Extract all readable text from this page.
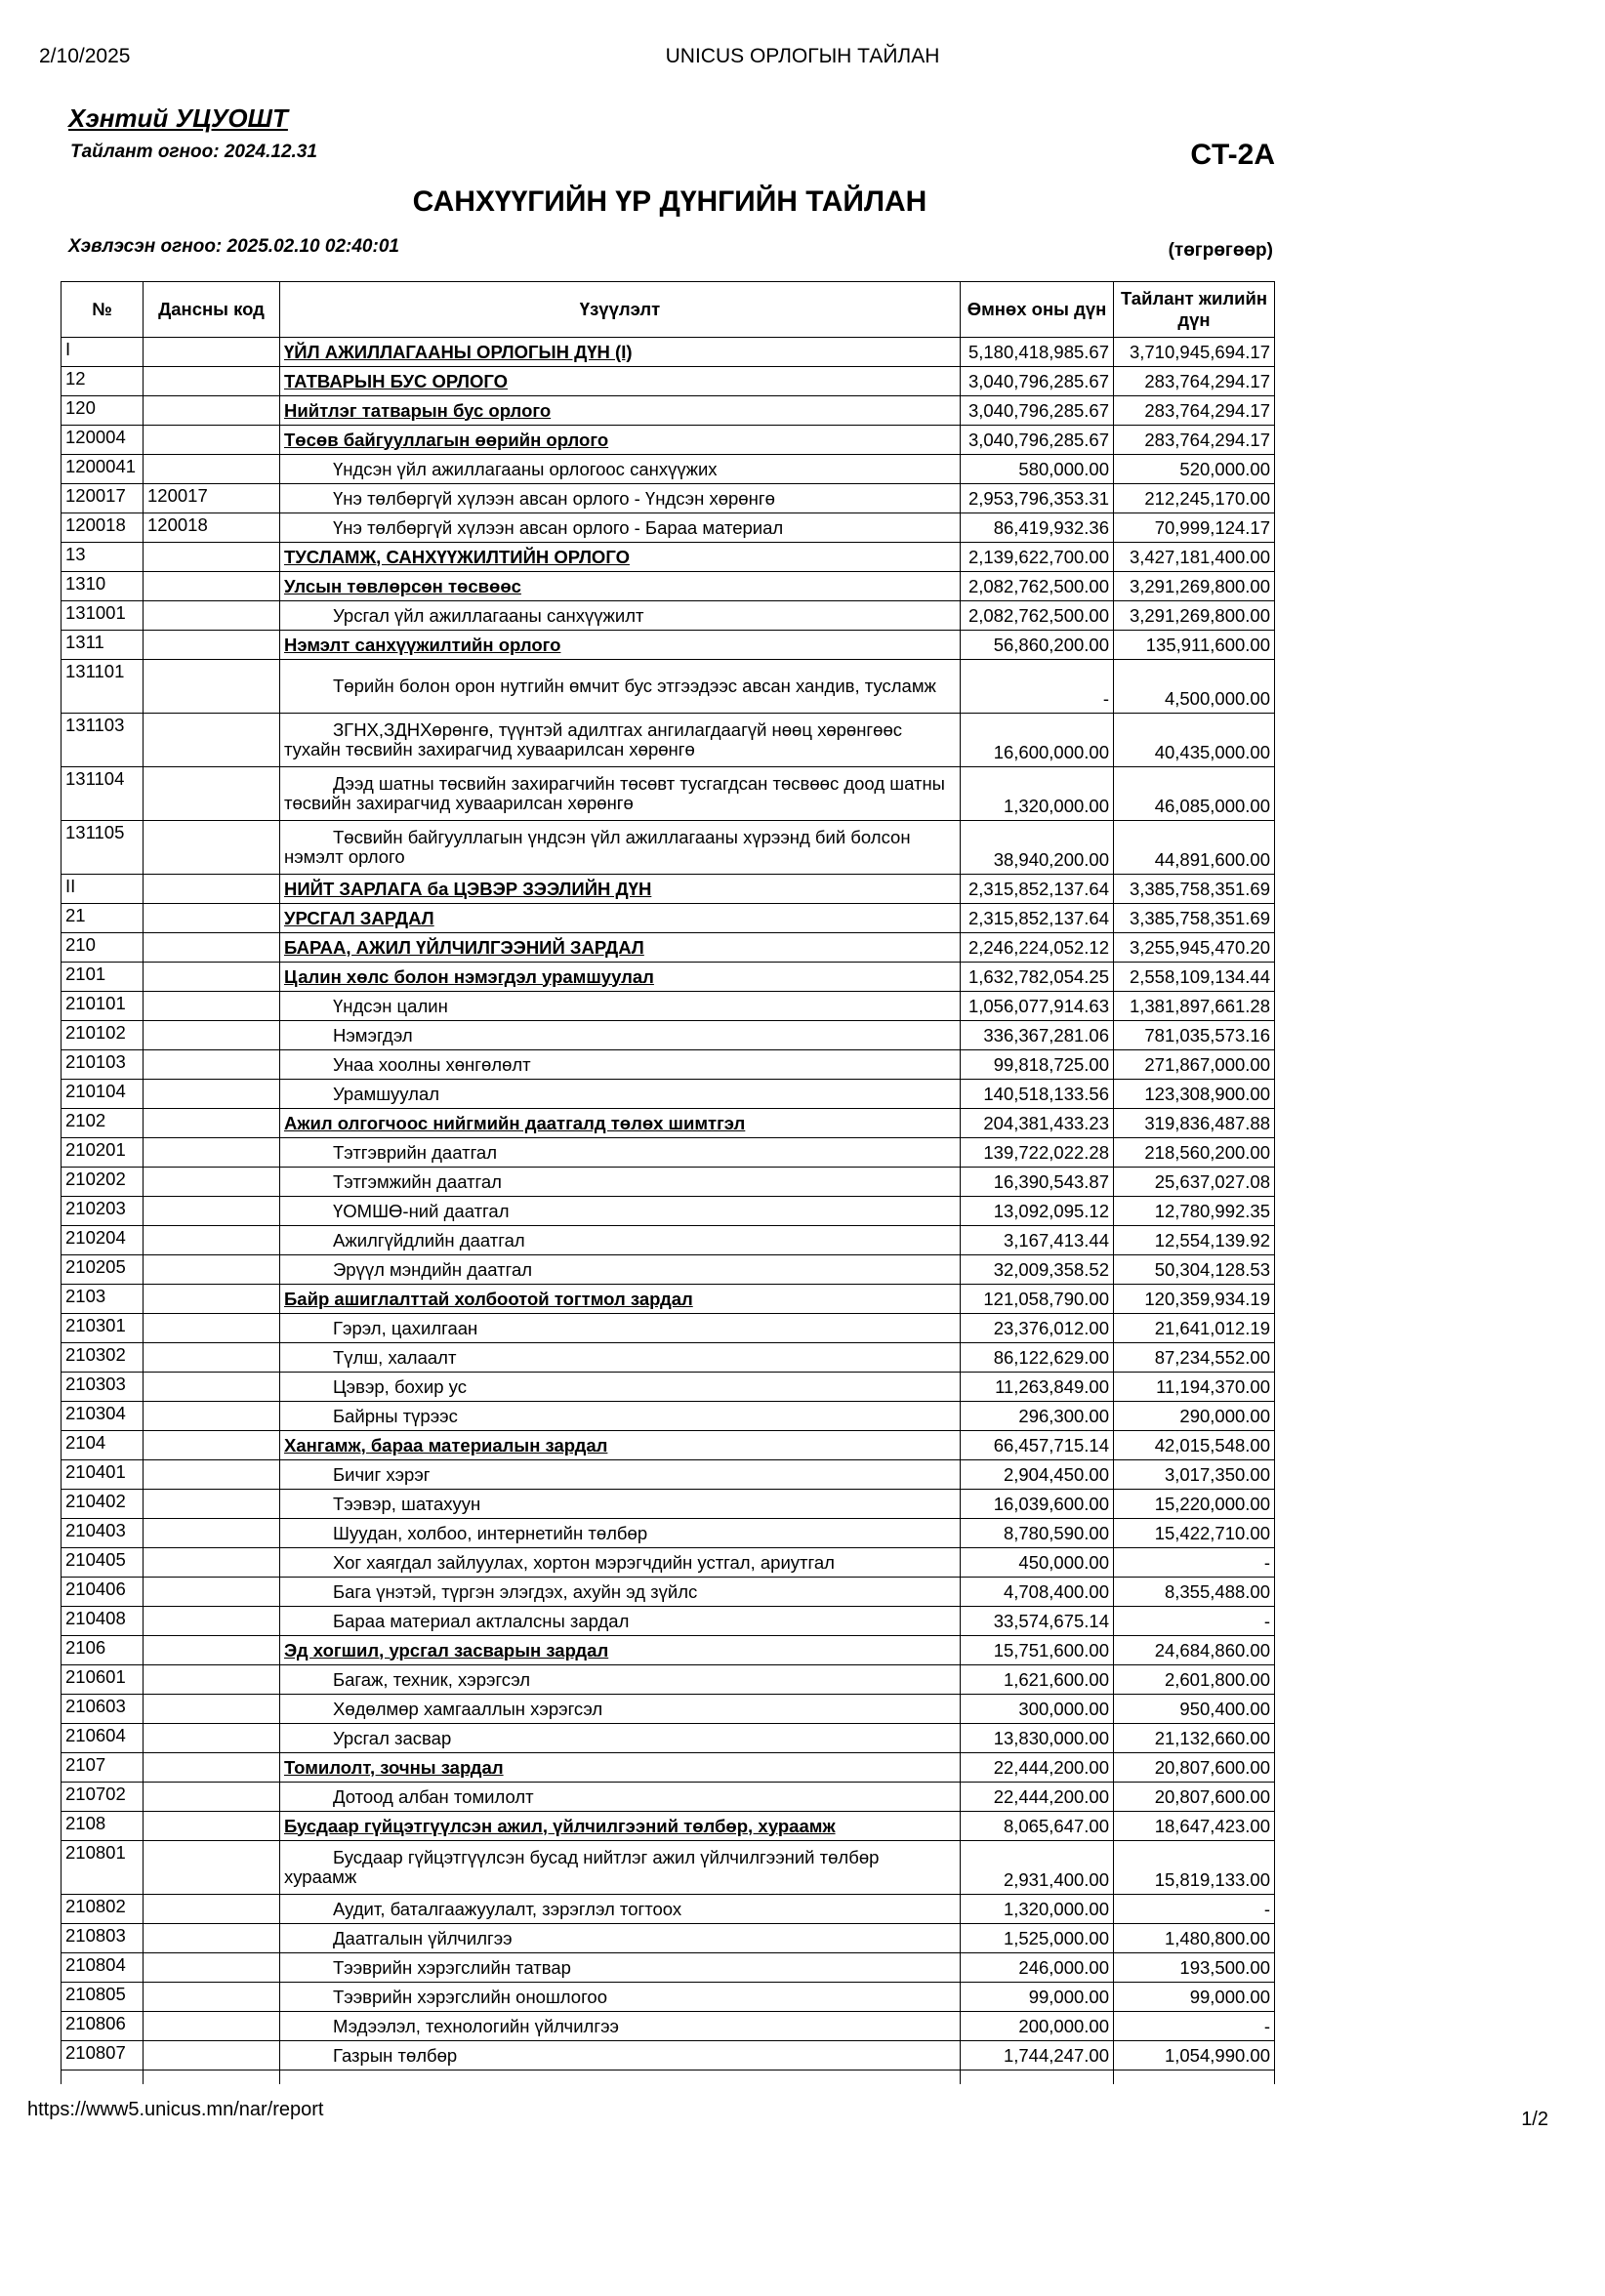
2/10/2025	UNICUS ОРЛОГЫН ТАЙЛАН
Хэнтий УЦУОШТ
Тайлант огноо: 2024.12.31	CT-2A
САНХҮҮГИЙН ҮР ДҮНГИЙН ТАЙЛАН
Хэвлэсэн огноо: 2025.02.10 02:40:01	(төгрөгөөр)
№	Дансны код	Үзүүлэлт	Өмнөх оны дүн	Тайлант жилийн дүн
I		ҮЙЛ АЖИЛЛАГААНЫ ОРЛОГЫН ДҮН (I)	5,180,418,985.67	3,710,945,694.17
12		ТАТВАРЫН БУС ОРЛОГО	3,040,796,285.67	283,764,294.17
120		Нийтлэг татварын бус орлого	3,040,796,285.67	283,764,294.17
120004		Төсөв байгууллагын өөрийн орлого	3,040,796,285.67	283,764,294.17
1200041		Үндсэн үйл ажиллагааны орлогоос санхүүжих	580,000.00	520,000.00
120017	120017	Үнэ төлбөргүй хүлээн авсан орлого - Үндсэн хөрөнгө	2,953,796,353.31	212,245,170.00
120018	120018	Үнэ төлбөргүй хүлээн авсан орлого - Бараа материал	86,419,932.36	70,999,124.17
13		ТУСЛАМЖ, САНХҮҮЖИЛТИЙН ОРЛОГО	2,139,622,700.00	3,427,181,400.00
1310		Улсын төвлөрсөн төсвөөс	2,082,762,500.00	3,291,269,800.00
131001		Урсгал үйл ажиллагааны санхүүжилт	2,082,762,500.00	3,291,269,800.00
1311		Нэмэлт санхүүжилтийн орлого	56,860,200.00	135,911,600.00
131101		Төрийн болон орон нутгийн өмчит бус этгээдээс авсан хандив, тусламж	-	4,500,000.00
131103		ЗГНХ,ЗДНХөрөнгө, түүнтэй адилтгах ангилагдаагүй нөөц хөрөнгөөс тухайн төсвийн захирагчид хуваарилсан хөрөнгө	16,600,000.00	40,435,000.00
131104		Дээд шатны төсвийн захирагчийн төсөвт тусгагдсан төсвөөс доод шатны төсвийн захирагчид хуваарилсан хөрөнгө	1,320,000.00	46,085,000.00
131105		Төсвийн байгууллагын үндсэн үйл ажиллагааны хүрээнд бий болсон нэмэлт орлого	38,940,200.00	44,891,600.00
II		НИЙТ ЗАРЛАГА ба ЦЭВЭР ЗЭЭЛИЙН ДҮН	2,315,852,137.64	3,385,758,351.69
21		УРСГАЛ ЗАРДАЛ	2,315,852,137.64	3,385,758,351.69
210		БАРАА, АЖИЛ ҮЙЛЧИЛГЭЭНИЙ ЗАРДАЛ	2,246,224,052.12	3,255,945,470.20
2101		Цалин хөлс болон нэмэгдэл урамшуулал	1,632,782,054.25	2,558,109,134.44
210101		Үндсэн цалин	1,056,077,914.63	1,381,897,661.28
210102		Нэмэгдэл	336,367,281.06	781,035,573.16
210103		Унаа хоолны хөнгөлөлт	99,818,725.00	271,867,000.00
210104		Урамшуулал	140,518,133.56	123,308,900.00
2102		Ажил олгогчоос нийгмийн даатгалд төлөх шимтгэл	204,381,433.23	319,836,487.88
210201		Тэтгэврийн даатгал	139,722,022.28	218,560,200.00
210202		Тэтгэмжийн даатгал	16,390,543.87	25,637,027.08
210203		ҮОМШӨ-ний даатгал	13,092,095.12	12,780,992.35
210204		Ажилгүйдлийн даатгал	3,167,413.44	12,554,139.92
210205		Эрүүл мэндийн даатгал	32,009,358.52	50,304,128.53
2103		Байр ашиглалттай холбоотой тогтмол зардал	121,058,790.00	120,359,934.19
210301		Гэрэл, цахилгаан	23,376,012.00	21,641,012.19
210302		Түлш, халаалт	86,122,629.00	87,234,552.00
210303		Цэвэр, бохир ус	11,263,849.00	11,194,370.00
210304		Байрны түрээс	296,300.00	290,000.00
2104		Хангамж, бараа материалын зардал	66,457,715.14	42,015,548.00
210401		Бичиг хэрэг	2,904,450.00	3,017,350.00
210402		Тээвэр, шатахуун	16,039,600.00	15,220,000.00
210403		Шуудан, холбоо, интернетийн төлбөр	8,780,590.00	15,422,710.00
210405		Хог хаягдал зайлуулах, хортон мэрэгчдийн устгал, ариутгал	450,000.00	-
210406		Бага үнэтэй, түргэн элэгдэх, ахуйн эд зүйлс	4,708,400.00	8,355,488.00
210408		Бараа материал актлалсны зардал	33,574,675.14	-
2106		Эд хогшил, урсгал засварын зардал	15,751,600.00	24,684,860.00
210601		Багаж, техник, хэрэгсэл	1,621,600.00	2,601,800.00
210603		Хөдөлмөр хамгааллын хэрэгсэл	300,000.00	950,400.00
210604		Урсгал засвар	13,830,000.00	21,132,660.00
2107		Томилолт, зочны зардал	22,444,200.00	20,807,600.00
210702		Дотоод албан томилолт	22,444,200.00	20,807,600.00
2108		Бусдаар гүйцэтгүүлсэн ажил, үйлчилгээний төлбөр, хураамж	8,065,647.00	18,647,423.00
210801		Бусдаар гүйцэтгүүлсэн бусад нийтлэг ажил үйлчилгээний төлбөр хураамж	2,931,400.00	15,819,133.00
210802		Аудит, баталгаажуулалт, зэрэглэл тогтоох	1,320,000.00	-
210803		Даатгалын үйлчилгээ	1,525,000.00	1,480,800.00
210804		Тээврийн хэрэгслийн татвар	246,000.00	193,500.00
210805		Тээврийн хэрэгслийн оношлогоо	99,000.00	99,000.00
210806		Мэдээлэл, технологийн үйлчилгээ	200,000.00	-
210807		Газрын төлбөр	1,744,247.00	1,054,990.00

https://www5.unicus.mn/nar/report	1/2
